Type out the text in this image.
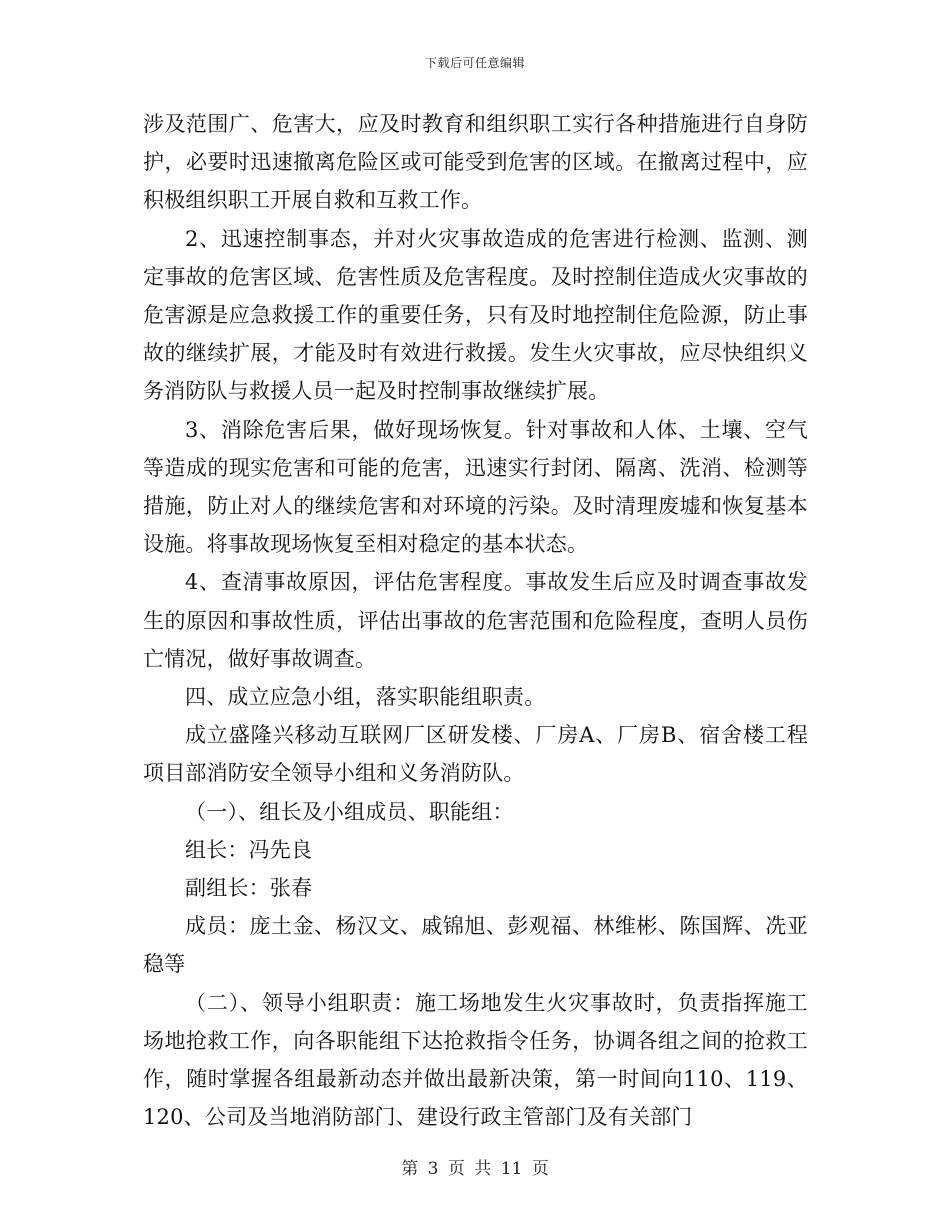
下载后可任意编辑

涉及范围广、危害大，应及时教育和组织职工实行各种措施进行自身防护，必要时迅速撤离危险区或可能受到危害的区域。在撤离过程中，应积极组织职工开展自救和互救工作。

2、迅速控制事态，并对火灾事故造成的危害进行检测、监测、测定事故的危害区域、危害性质及危害程度。及时控制住造成火灾事故的危害源是应急救援工作的重要任务，只有及时地控制住危险源，防止事故的继续扩展，才能及时有效进行救援。发生火灾事故，应尽快组织义务消防队与救援人员一起及时控制事故继续扩展。

3、消除危害后果，做好现场恢复。针对事故和人体、土壤、空气等造成的现实危害和可能的危害，迅速实行封闭、隔离、洗消、检测等措施，防止对人的继续危害和对环境的污染。及时清理废墟和恢复基本设施。将事故现场恢复至相对稳定的基本状态。

4、查清事故原因，评估危害程度。事故发生后应及时调查事故发生的原因和事故性质，评估出事故的危害范围和危险程度，查明人员伤亡情况，做好事故调查。

四、成立应急小组，落实职能组职责。

成立盛隆兴移动互联网厂区研发楼、厂房A、厂房B、宿舍楼工程项目部消防安全领导小组和义务消防队。

（一）、组长及小组成员、职能组：

组长：冯先良

副组长：张春

成员：庞土金、杨汉文、戚锦旭、彭观福、林维彬、陈国辉、冼亚稳等

（二）、领导小组职责：施工场地发生火灾事故时，负责指挥施工场地抢救工作，向各职能组下达抢救指令任务，协调各组之间的抢救工作，随时掌握各组最新动态并做出最新决策，第一时间向110、119、120、公司及当地消防部门、建设行政主管部门及有关部门

第 3 页 共 11 页
